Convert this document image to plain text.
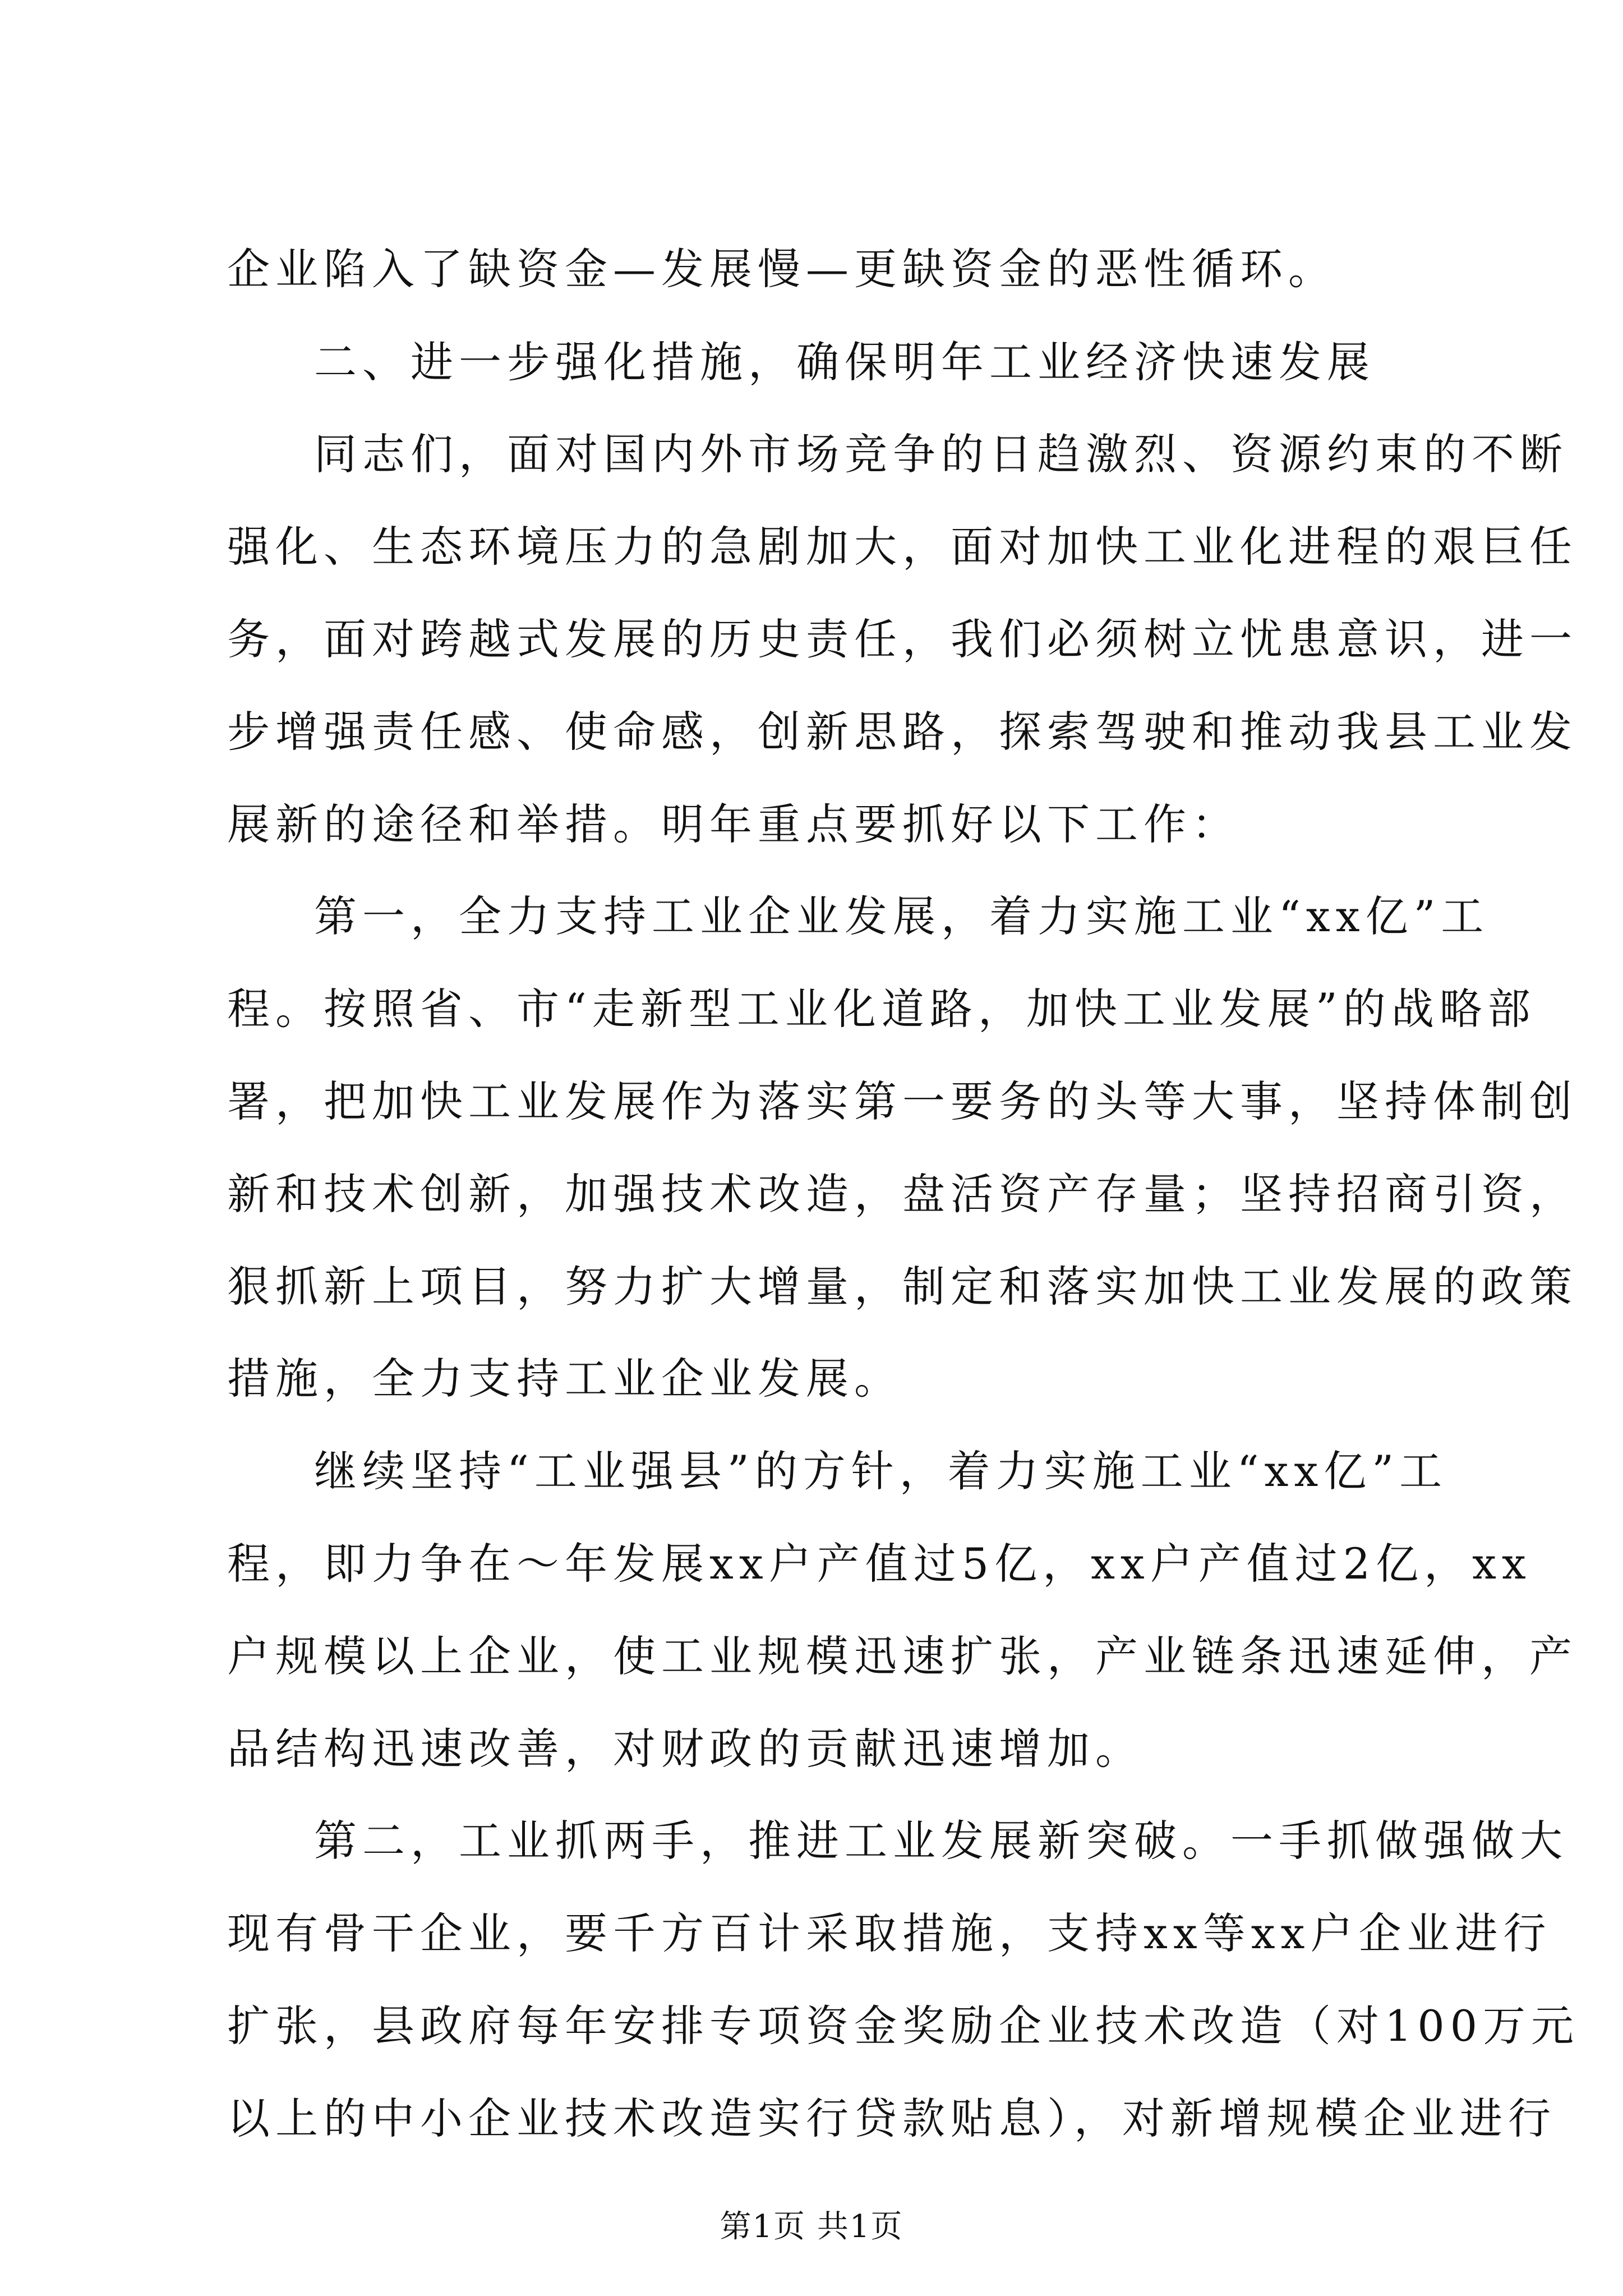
企业陷入了缺资金—发展慢—更缺资金的恶性循环。
二、进一步强化措施，确保明年工业经济快速发展
同志们，面对国内外市场竞争的日趋激烈、资源约束的不断
强化、生态环境压力的急剧加大，面对加快工业化进程的艰巨任
务，面对跨越式发展的历史责任，我们必须树立忧患意识，进一
步增强责任感、使命感，创新思路，探索驾驶和推动我县工业发
展新的途径和举措。明年重点要抓好以下工作：
第一，全力支持工业企业发展，着力实施工业“xx亿”工
程。按照省、市“走新型工业化道路，加快工业发展”的战略部
署，把加快工业发展作为落实第一要务的头等大事，坚持体制创
新和技术创新，加强技术改造，盘活资产存量；坚持招商引资，
狠抓新上项目，努力扩大增量，制定和落实加快工业发展的政策
措施，全力支持工业企业发展。
继续坚持“工业强县”的方针，着力实施工业“xx亿”工
程，即力争在～年发展xx户产值过5亿，xx户产值过2亿，xx
户规模以上企业，使工业规模迅速扩张，产业链条迅速延伸，产
品结构迅速改善，对财政的贡献迅速增加。
第二，工业抓两手，推进工业发展新突破。一手抓做强做大
现有骨干企业，要千方百计采取措施，支持xx等xx户企业进行
扩张，县政府每年安排专项资金奖励企业技术改造（对100万元
以上的中小企业技术改造实行贷款贴息），对新增规模企业进行
第1页 共1页
